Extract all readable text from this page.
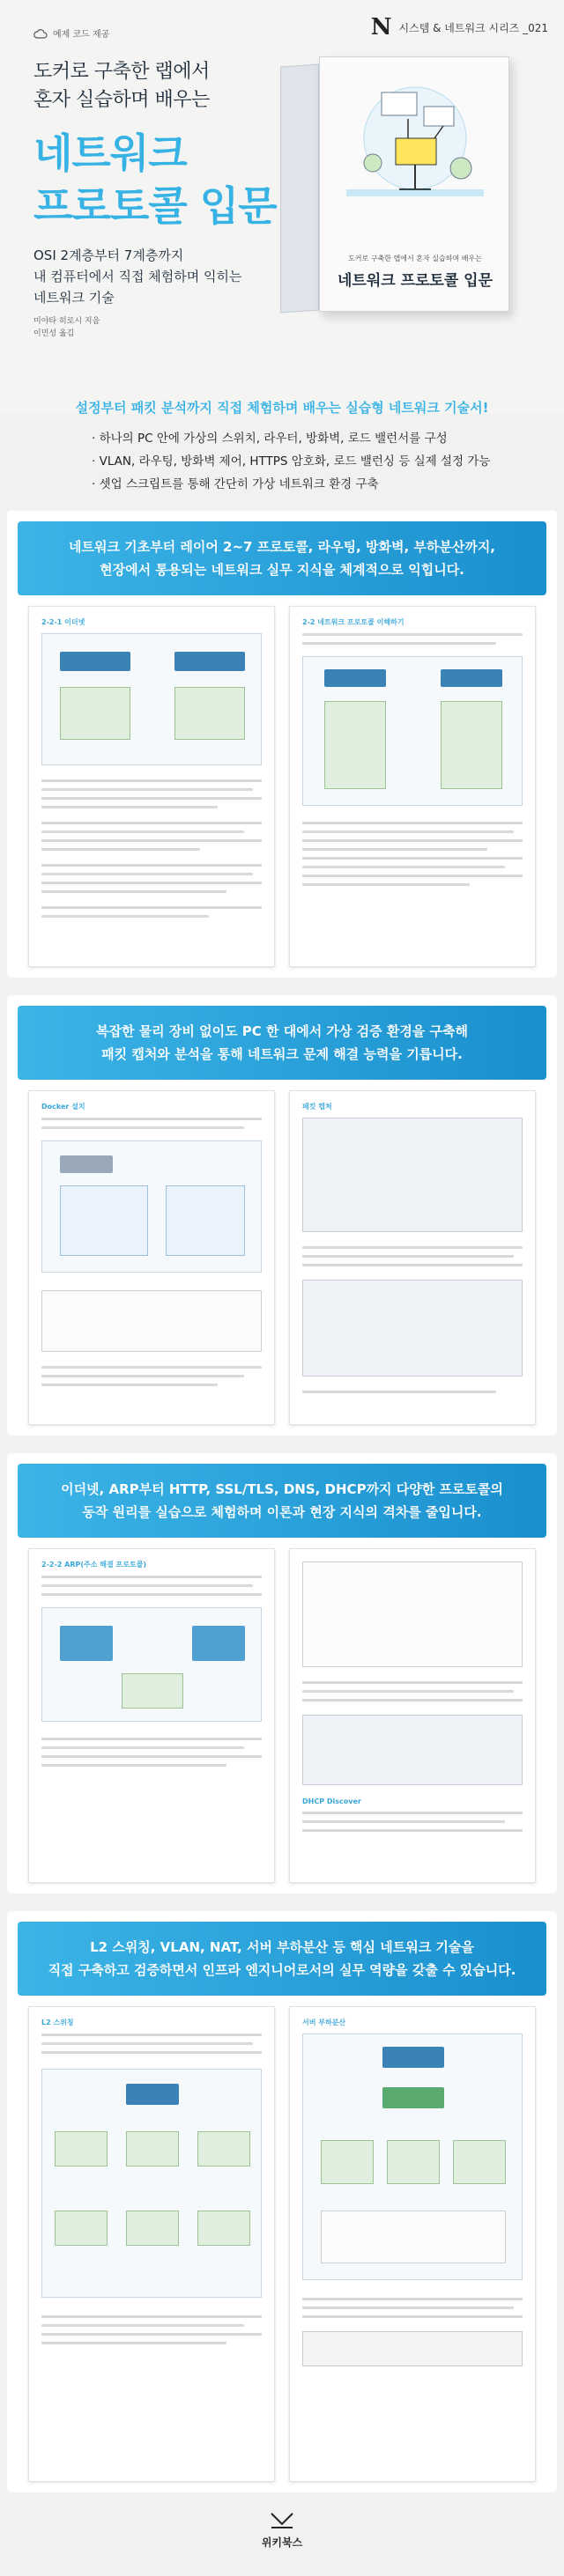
예제 코드 제공	N 시스템 & 네트워크 시리즈 _021
도커로 구축한 랩에서
혼자 실습하며 배우는
네트워크
프로토콜 입문
OSI 2계층부터 7계층까지
내 컴퓨터에서 직접 체험하며 익히는
네트워크 기술
미야타 히로시 지음
이민성 옮김
도커로 구축한 랩에서 혼자 실습하며 배우는
네트워크 프로토콜 입문
설정부터 패킷 분석까지 직접 체험하며 배우는 실습형 네트워크 기술서!
· 하나의 PC 안에 가상의 스위치, 라우터, 방화벽, 로드 밸런서를 구성
· VLAN, 라우팅, 방화벽 제어, HTTPS 암호화, 로드 밸런싱 등 실제 설정 가능
· 셋업 스크립트를 통해 간단히 가상 네트워크 환경 구축
네트워크 기초부터 레이어 2~7 프로토콜, 라우팅, 방화벽, 부하분산까지,
현장에서 통용되는 네트워크 실무 지식을 체계적으로 익힙니다.
2-2-1 이더넷	2-2 네트워크 프로토콜 이해하기
복잡한 물리 장비 없이도 PC 한 대에서 가상 검증 환경을 구축해
패킷 캡처와 분석을 통해 네트워크 문제 해결 능력을 기릅니다.
Docker 설치	패킷 캡처
이더넷, ARP부터 HTTP, SSL/TLS, DNS, DHCP까지 다양한 프로토콜의
동작 원리를 실습으로 체험하며 이론과 현장 지식의 격차를 줄입니다.
2-2-2 ARP(주소 해결 프로토콜)
DHCP Discover
L2 스위칭, VLAN, NAT, 서버 부하분산 등 핵심 네트워크 기술을
직접 구축하고 검증하면서 인프라 엔지니어로서의 실무 역량을 갖출 수 있습니다.
L2 스위칭	서버 부하분산
위키북스
